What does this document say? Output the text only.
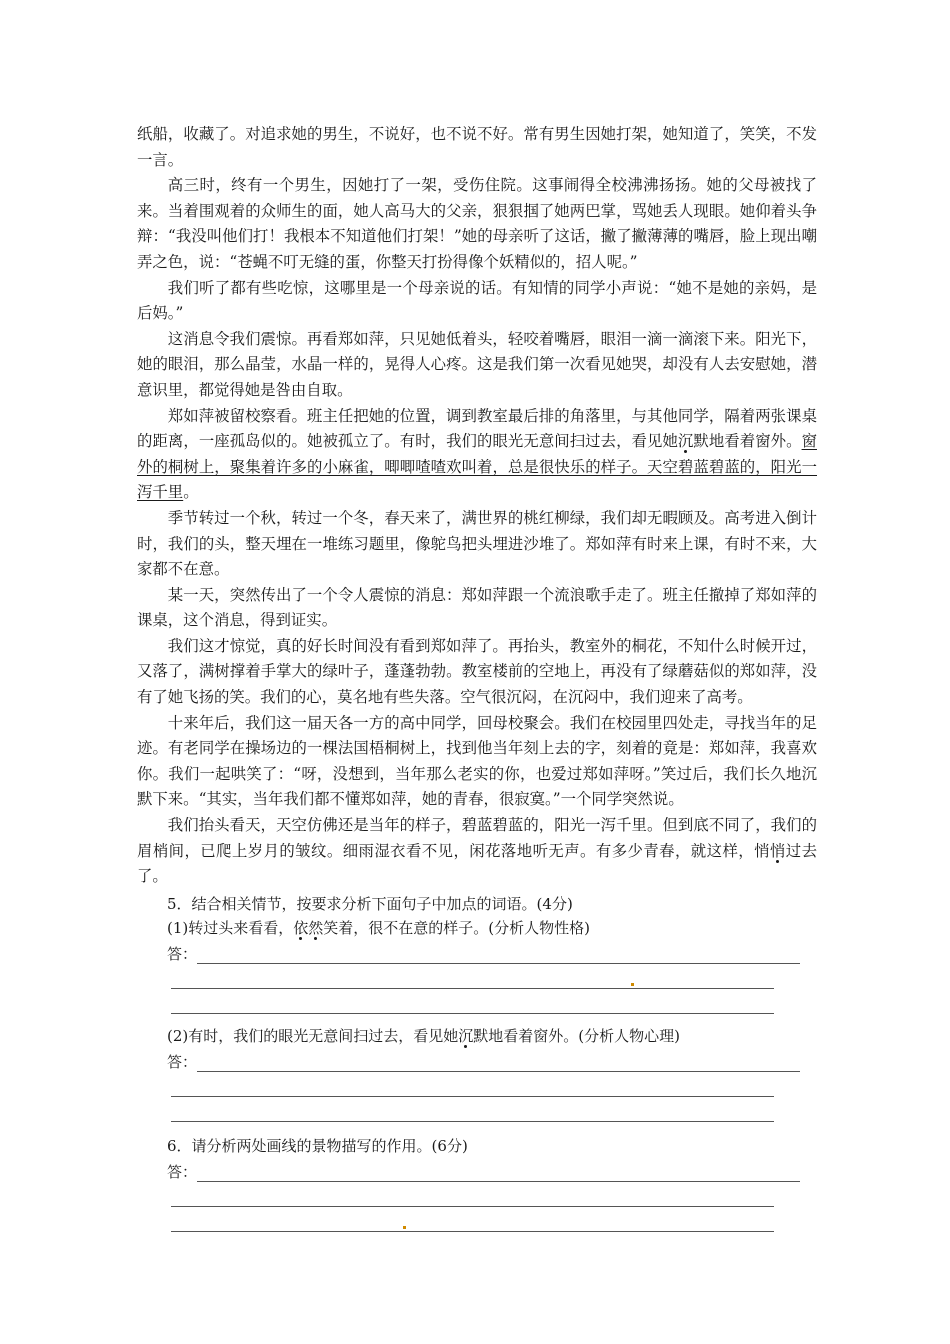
纸船，收藏了。对追求她的男生，不说好，也不说不好。常有男生因她打架，她知道了，笑笑，不发一言。

高三时，终有一个男生，因她打了一架，受伤住院。这事闹得全校沸沸扬扬。她的父母被找了来。当着围观着的众师生的面，她人高马大的父亲，狠狠掴了她两巴掌，骂她丢人现眼。她仰着头争辩：“我没叫他们打！我根本不知道他们打架！”她的母亲听了这话，撇了撇薄薄的嘴唇，脸上现出嘲弄之色，说：“苍蝇不叮无缝的蛋，你整天打扮得像个妖精似的，招人呢。”

我们听了都有些吃惊，这哪里是一个母亲说的话。有知情的同学小声说：“她不是她的亲妈，是后妈。”

这消息令我们震惊。再看郑如萍，只见她低着头，轻咬着嘴唇，眼泪一滴一滴滚下来。阳光下，她的眼泪，那么晶莹，水晶一样的，晃得人心疼。这是我们第一次看见她哭，却没有人去安慰她，潜意识里，都觉得她是咎由自取。

郑如萍被留校察看。班主任把她的位置，调到教室最后排的角落里，与其他同学，隔着两张课桌的距离，一座孤岛似的。她被孤立了。有时，我们的眼光无意间扫过去，看见她沉默地看着窗外。窗外的桐树上，聚集着许多的小麻雀，唧唧喳喳欢叫着，总是很快乐的样子。天空碧蓝碧蓝的，阳光一泻千里。

季节转过一个秋，转过一个冬，春天来了，满世界的桃红柳绿，我们却无暇顾及。高考进入倒计时，我们的头，整天埋在一堆练习题里，像鸵鸟把头埋进沙堆了。郑如萍有时来上课，有时不来，大家都不在意。

某一天，突然传出了一个令人震惊的消息：郑如萍跟一个流浪歌手走了。班主任撤掉了郑如萍的课桌，这个消息，得到证实。

我们这才惊觉，真的好长时间没有看到郑如萍了。再抬头，教室外的桐花，不知什么时候开过，又落了，满树撑着手掌大的绿叶子，蓬蓬勃勃。教室楼前的空地上，再没有了绿蘑菇似的郑如萍，没有了她飞扬的笑。我们的心，莫名地有些失落。空气很沉闷，在沉闷中，我们迎来了高考。

十来年后，我们这一届天各一方的高中同学，回母校聚会。我们在校园里四处走，寻找当年的足迹。有老同学在操场边的一棵法国梧桐树上，找到他当年刻上去的字，刻着的竟是：郑如萍，我喜欢你。我们一起哄笑了：“呀，没想到，当年那么老实的你，也爱过郑如萍呀。”笑过后，我们长久地沉默下来。“其实，当年我们都不懂郑如萍，她的青春，很寂寞。”一个同学突然说。

我们抬头看天，天空仿佛还是当年的样子，碧蓝碧蓝的，阳光一泻千里。但到底不同了，我们的眉梢间，已爬上岁月的皱纹。细雨湿衣看不见，闲花落地听无声。有多少青春，就这样，悄悄过去了。

5．结合相关情节，按要求分析下面句子中加点的词语。(4分)

(1)转过头来看看，依然笑着，很不在意的样子。(分析人物性格)

答：

(2)有时，我们的眼光无意间扫过去，看见她沉默地看着窗外。(分析人物心理)

答：

6．请分析两处画线的景物描写的作用。(6分)

答：
